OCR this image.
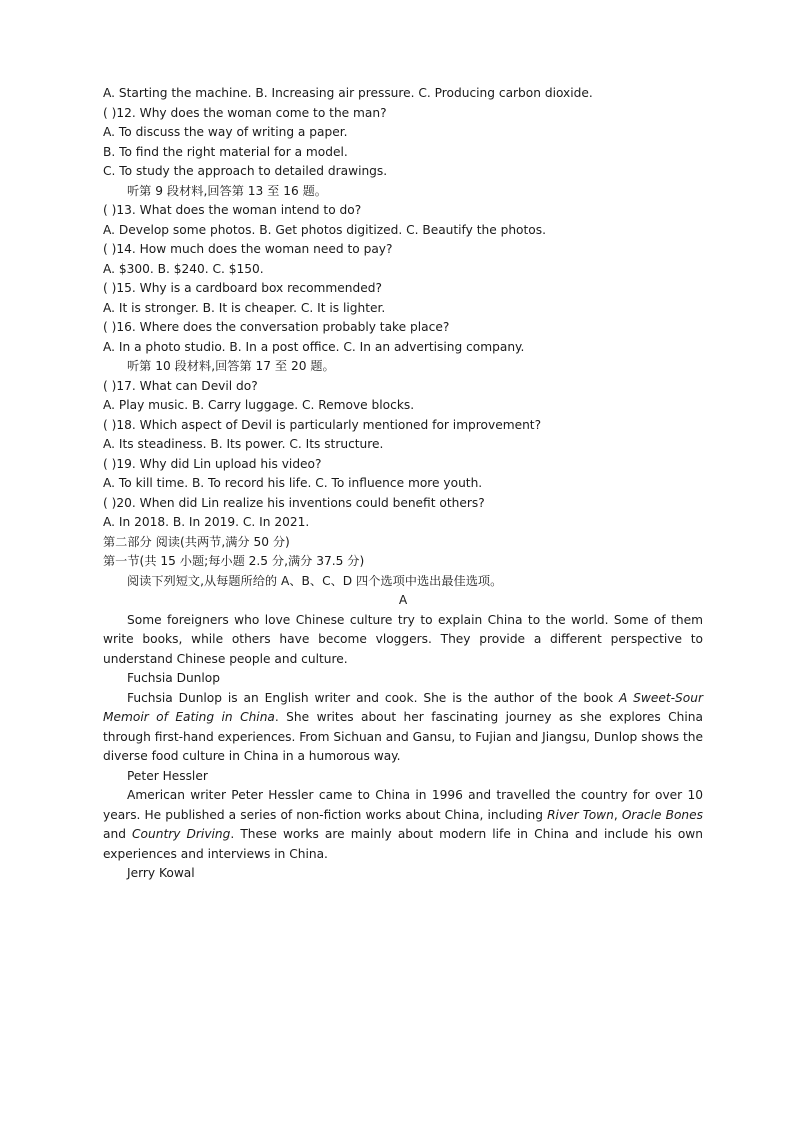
A. Starting the machine. B. Increasing air pressure. C. Producing carbon dioxide.
( )12. Why does the woman come to the man?
A. To discuss the way of writing a paper.
B. To find the right material for a model.
C. To study the approach to detailed drawings.
听第 9 段材料,回答第 13 至 16 题。
( )13. What does the woman intend to do?
A. Develop some photos. B. Get photos digitized. C. Beautify the photos.
( )14. How much does the woman need to pay?
A. $300. B. $240. C. $150.
( )15. Why is a cardboard box recommended?
A. It is stronger. B. It is cheaper. C. It is lighter.
( )16. Where does the conversation probably take place?
A. In a photo studio. B. In a post office. C. In an advertising company.
听第 10 段材料,回答第 17 至 20 题。
( )17. What can Devil do?
A. Play music. B. Carry luggage. C. Remove blocks.
( )18. Which aspect of Devil is particularly mentioned for improvement?
A. Its steadiness. B. Its power. C. Its structure.
( )19. Why did Lin upload his video?
A. To kill time. B. To record his life. C. To influence more youth.
( )20. When did Lin realize his inventions could benefit others?
A. In 2018. B. In 2019. C. In 2021.
第二部分 阅读(共两节,满分 50 分)
第一节(共 15 小题;每小题 2.5 分,满分 37.5 分)
阅读下列短文,从每题所给的 A、B、C、D 四个选项中选出最佳选项。
A
Some foreigners who love Chinese culture try to explain China to the world. Some of them write books, while others have become vloggers. They provide a different perspective to understand Chinese people and culture.
Fuchsia Dunlop
Fuchsia Dunlop is an English writer and cook. She is the author of the book A Sweet-Sour Memoir of Eating in China. She writes about her fascinating journey as she explores China through first-hand experiences. From Sichuan and Gansu, to Fujian and Jiangsu, Dunlop shows the diverse food culture in China in a humorous way.
Peter Hessler
American writer Peter Hessler came to China in 1996 and travelled the country for over 10 years. He published a series of non-fiction works about China, including River Town, Oracle Bones and Country Driving. These works are mainly about modern life in China and include his own experiences and interviews in China.
Jerry Kowal
